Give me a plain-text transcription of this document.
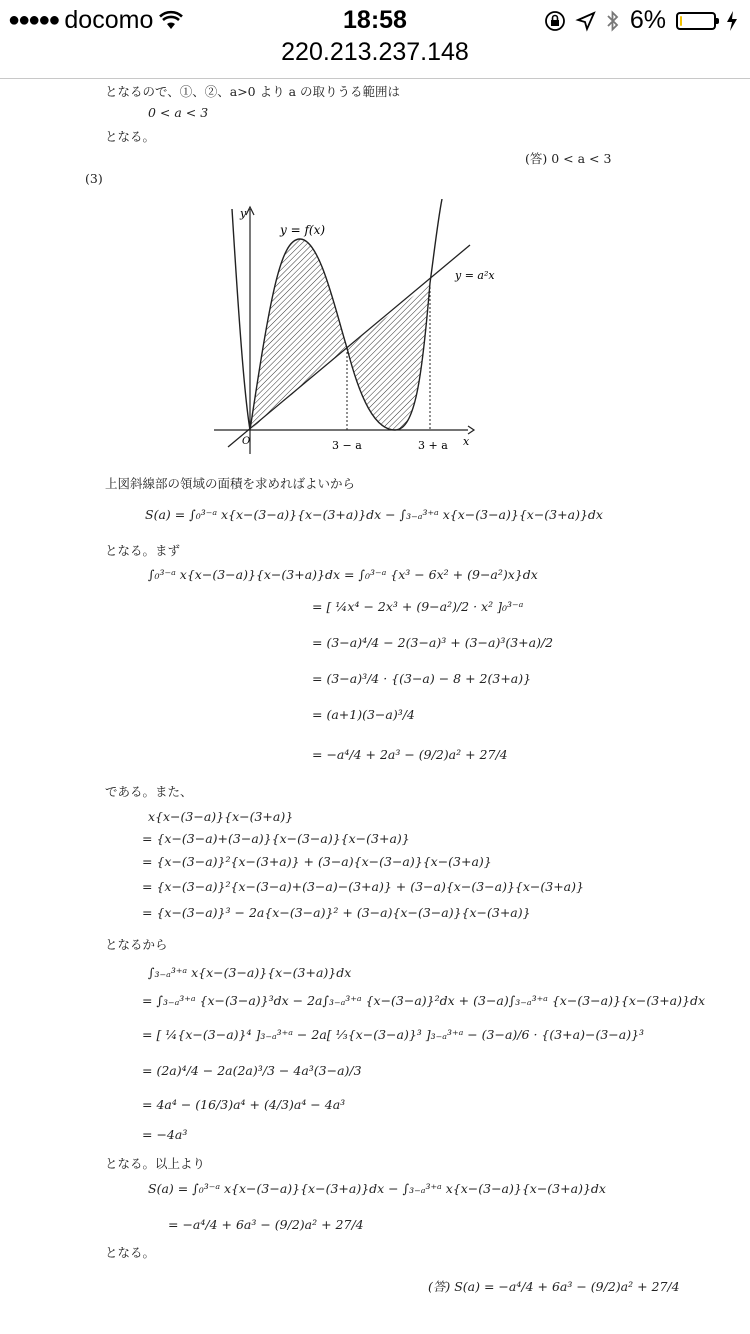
●●●●● docomo	18:58	6%
220.213.237.148
となるので、①、②、a>0 より a の取りうる範囲は
0 < a < 3
となる。
(答) 0 < a < 3
(3)
y
x
y = f(x)
y = a²x
O	3 − a	3 + a
上図斜線部の領域の面積を求めればよいから
S(a) = ∫₀³⁻ᵃ x{x−(3−a)}{x−(3+a)}dx − ∫₃₋ₐ³⁺ᵃ x{x−(3−a)}{x−(3+a)}dx
となる。まず
∫₀³⁻ᵃ x{x−(3−a)}{x−(3+a)}dx = ∫₀³⁻ᵃ {x³ − 6x² + (9−a²)x}dx
= [ ¼x⁴ − 2x³ + (9−a²)/2 · x² ]₀³⁻ᵃ
= (3−a)⁴/4 − 2(3−a)³ + (3−a)³(3+a)/2
= (3−a)³/4 · {(3−a) − 8 + 2(3+a)}
= (a+1)(3−a)³/4
= −a⁴/4 + 2a³ − (9/2)a² + 27/4
である。また、
x{x−(3−a)}{x−(3+a)}
= {x−(3−a)+(3−a)}{x−(3−a)}{x−(3+a)}
= {x−(3−a)}²{x−(3+a)} + (3−a){x−(3−a)}{x−(3+a)}
= {x−(3−a)}²{x−(3−a)+(3−a)−(3+a)} + (3−a){x−(3−a)}{x−(3+a)}
= {x−(3−a)}³ − 2a{x−(3−a)}² + (3−a){x−(3−a)}{x−(3+a)}
となるから
∫₃₋ₐ³⁺ᵃ x{x−(3−a)}{x−(3+a)}dx
= ∫₃₋ₐ³⁺ᵃ {x−(3−a)}³dx − 2a∫₃₋ₐ³⁺ᵃ {x−(3−a)}²dx + (3−a)∫₃₋ₐ³⁺ᵃ {x−(3−a)}{x−(3+a)}dx
= [ ¼{x−(3−a)}⁴ ]₃₋ₐ³⁺ᵃ − 2a[ ⅓{x−(3−a)}³ ]₃₋ₐ³⁺ᵃ − (3−a)/6 · {(3+a)−(3−a)}³
= (2a)⁴/4 − 2a(2a)³/3 − 4a³(3−a)/3
= 4a⁴ − (16/3)a⁴ + (4/3)a⁴ − 4a³
= −4a³
となる。以上より
S(a) = ∫₀³⁻ᵃ x{x−(3−a)}{x−(3+a)}dx − ∫₃₋ₐ³⁺ᵃ x{x−(3−a)}{x−(3+a)}dx
= −a⁴/4 + 6a³ − (9/2)a² + 27/4
となる。
(答) S(a) = −a⁴/4 + 6a³ − (9/2)a² + 27/4
